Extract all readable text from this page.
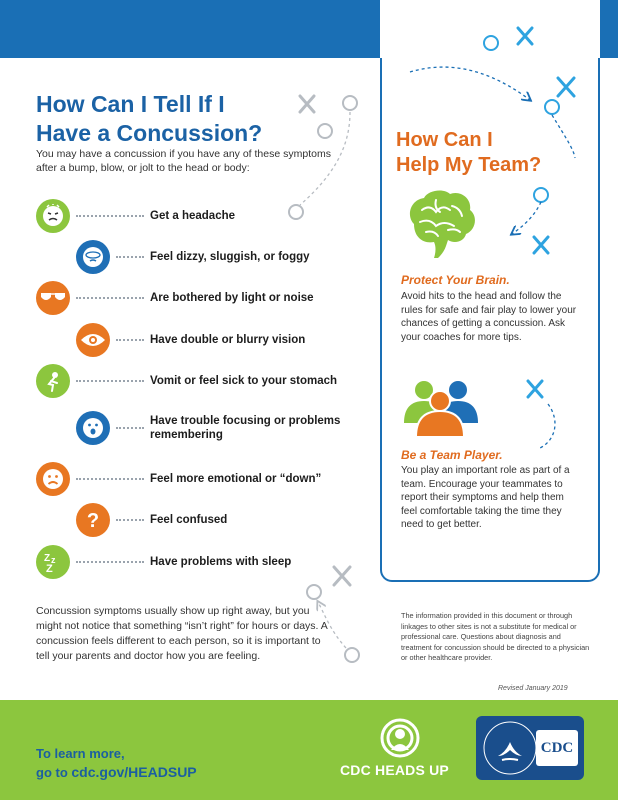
How Can I Tell If I
Have a Concussion?
You may have a concussion if you have any of these symptoms after a bump, blow, or jolt to the head or body:
Get a headache
Feel dizzy, sluggish, or foggy
Are bothered by light or noise
Have double or blurry vision
Vomit or feel sick to your stomach
Have trouble focusing or problems
remembering
Feel more emotional or “down”
?	Feel confused
Z z
Z
Have problems with sleep
Concussion symptoms usually show up right away, but you might not notice that something “isn’t right” for hours or days. A concussion feels different to each person, so it is important to tell your parents and doctor how you are feeling.
How Can I
Help My Team?
Protect Your Brain.
Avoid hits to the head and follow the rules for safe and fair play to lower your chances of getting a concussion. Ask your coaches for more tips.
Be a Team Player.
You play an important role as part of a team. Encourage your teammates to report their symptoms and help them feel comfortable taking the time they need to get better.
The information provided in this document or through linkages to other sites is not a substitute for medical or professional care. Questions about diagnosis and treatment for concussion should be directed to a physician or other healthcare provider.
Revised January 2019
To learn more,
go to cdc.gov/HEADSUP	CDC HEADS UP
CDC
